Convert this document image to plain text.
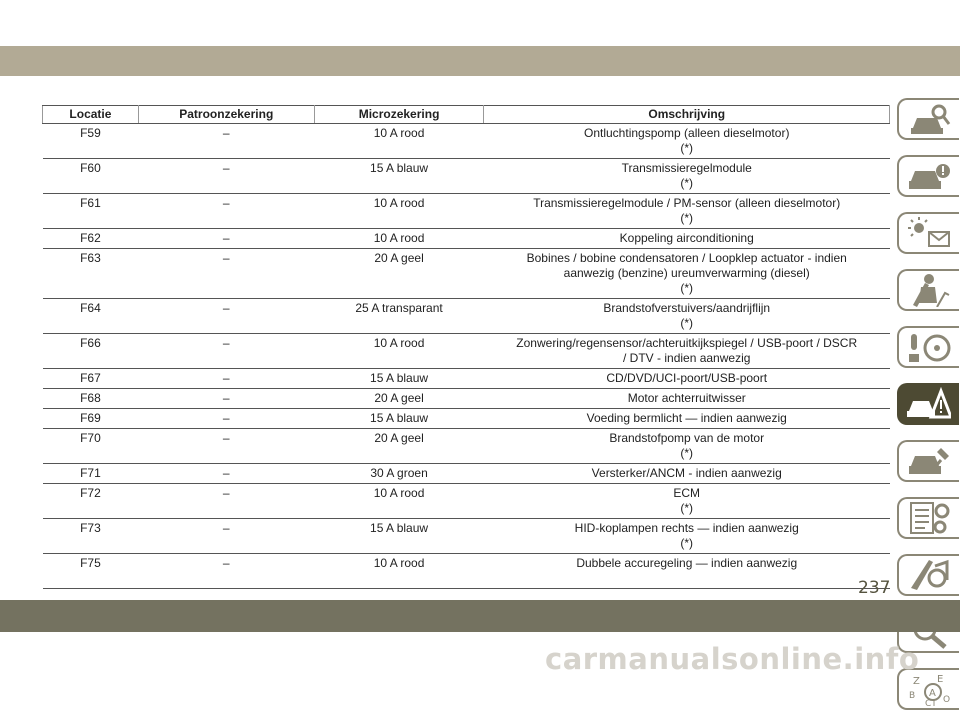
Locatie	Patroonzekering	Microzekering	Omschrijving
F59	–	10 A rood	Ontluchtingspomp (alleen dieselmotor)
(*)

F60	–	15 A blauw	Transmissieregelmodule
(*)

F61	–	10 A rood	Transmissieregelmodule / PM-sensor (alleen dieselmotor)
(*)

F62	–	10 A rood	Koppeling airconditioning

F63	–	20 A geel	Bobines / bobine condensatoren / Loopklep actuator - indien
aanwezig (benzine) ureumverwarming (diesel)
(*)

F64	–	25 A transparant	Brandstofverstuivers/aandrijflijn
(*)

F66	–	10 A rood	Zonwering/regensensor/achteruitkijkspiegel / USB-poort / DSCR
/ DTV - indien aanwezig

F67	–	15 A blauw	CD/DVD/UCI-poort/USB-poort

F68	–	20 A geel	Motor achterruitwisser

F69	–	15 A blauw	Voeding bermlicht — indien aanwezig

F70	–	20 A geel	Brandstofpomp van de motor
(*)

F71	–	30 A groen	Versterker/ANCM - indien aanwezig

F72	–	10 A rood	ECM
(*)

F73	–	15 A blauw	HID-koplampen rechts — indien aanwezig
(*)

F75	–	10 A rood	Dubbele accuregeling — indien aanwezig
Z E
B
CT
A
O
237
carmanualsonline.info
